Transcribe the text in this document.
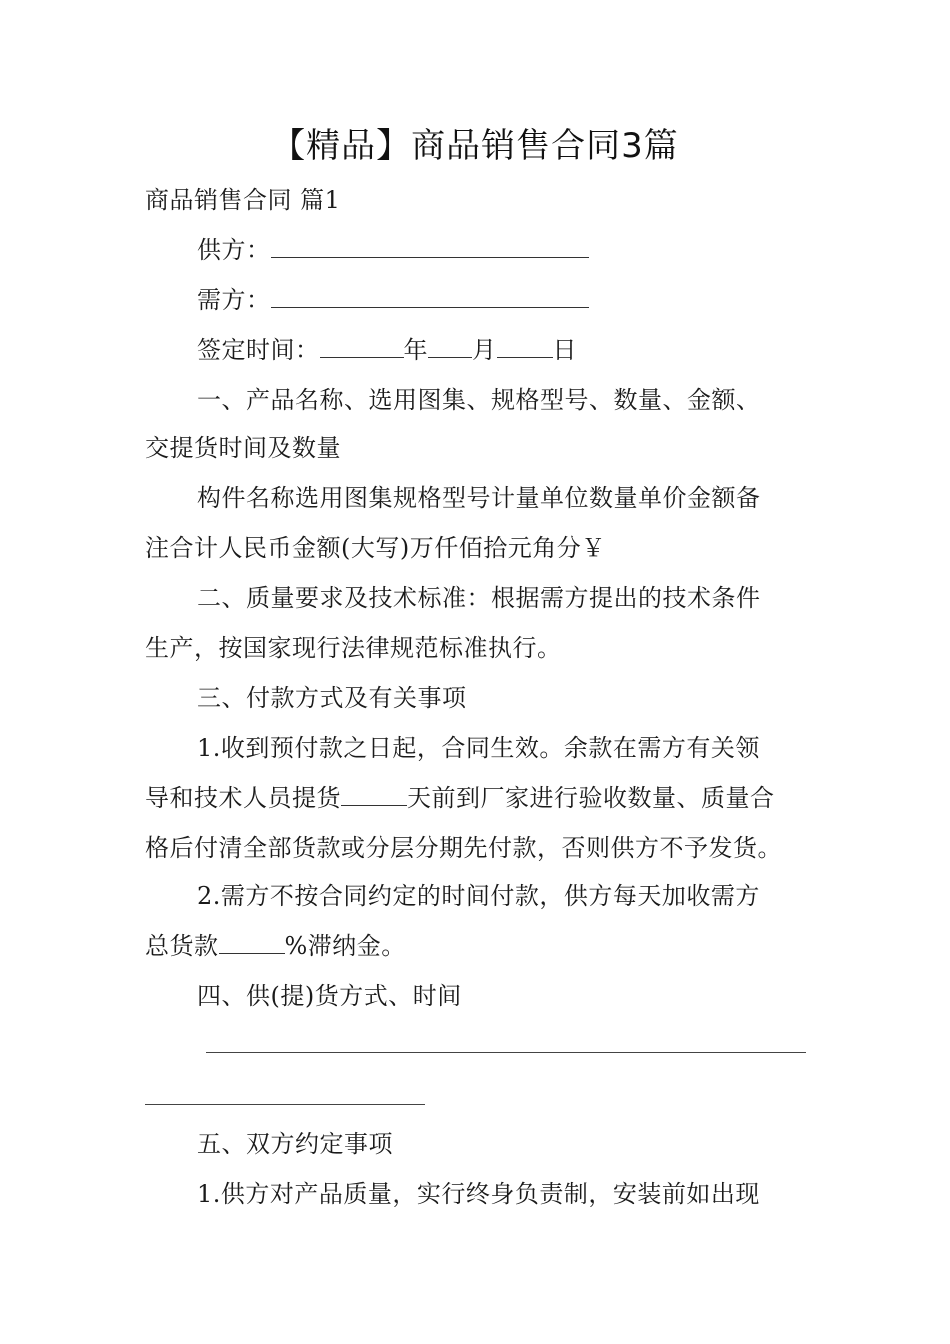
【精品】商品销售合同3篇
商品销售合同 篇1
供方：
需方：
签定时间：	年 月 日
一、产品名称、选用图集、规格型号、数量、金额、
交提货时间及数量
构件名称选用图集规格型号计量单位数量单价金额备
注合计人民币金额(大写)万仟佰拾元角分￥
二、质量要求及技术标准：根据需方提出的技术条件
生产，按国家现行法律规范标准执行。
三、付款方式及有关事项
1.收到预付款之日起，合同生效。余款在需方有关领
导和技术人员提货	天前到厂家进行验收数量、质量合
格后付清全部货款或分层分期先付款，否则供方不予发货。
2.需方不按合同约定的时间付款，供方每天加收需方
总货款	%滞纳金。
四、供(提)货方式、时间
五、双方约定事项
1.供方对产品质量，实行终身负责制，安装前如出现
